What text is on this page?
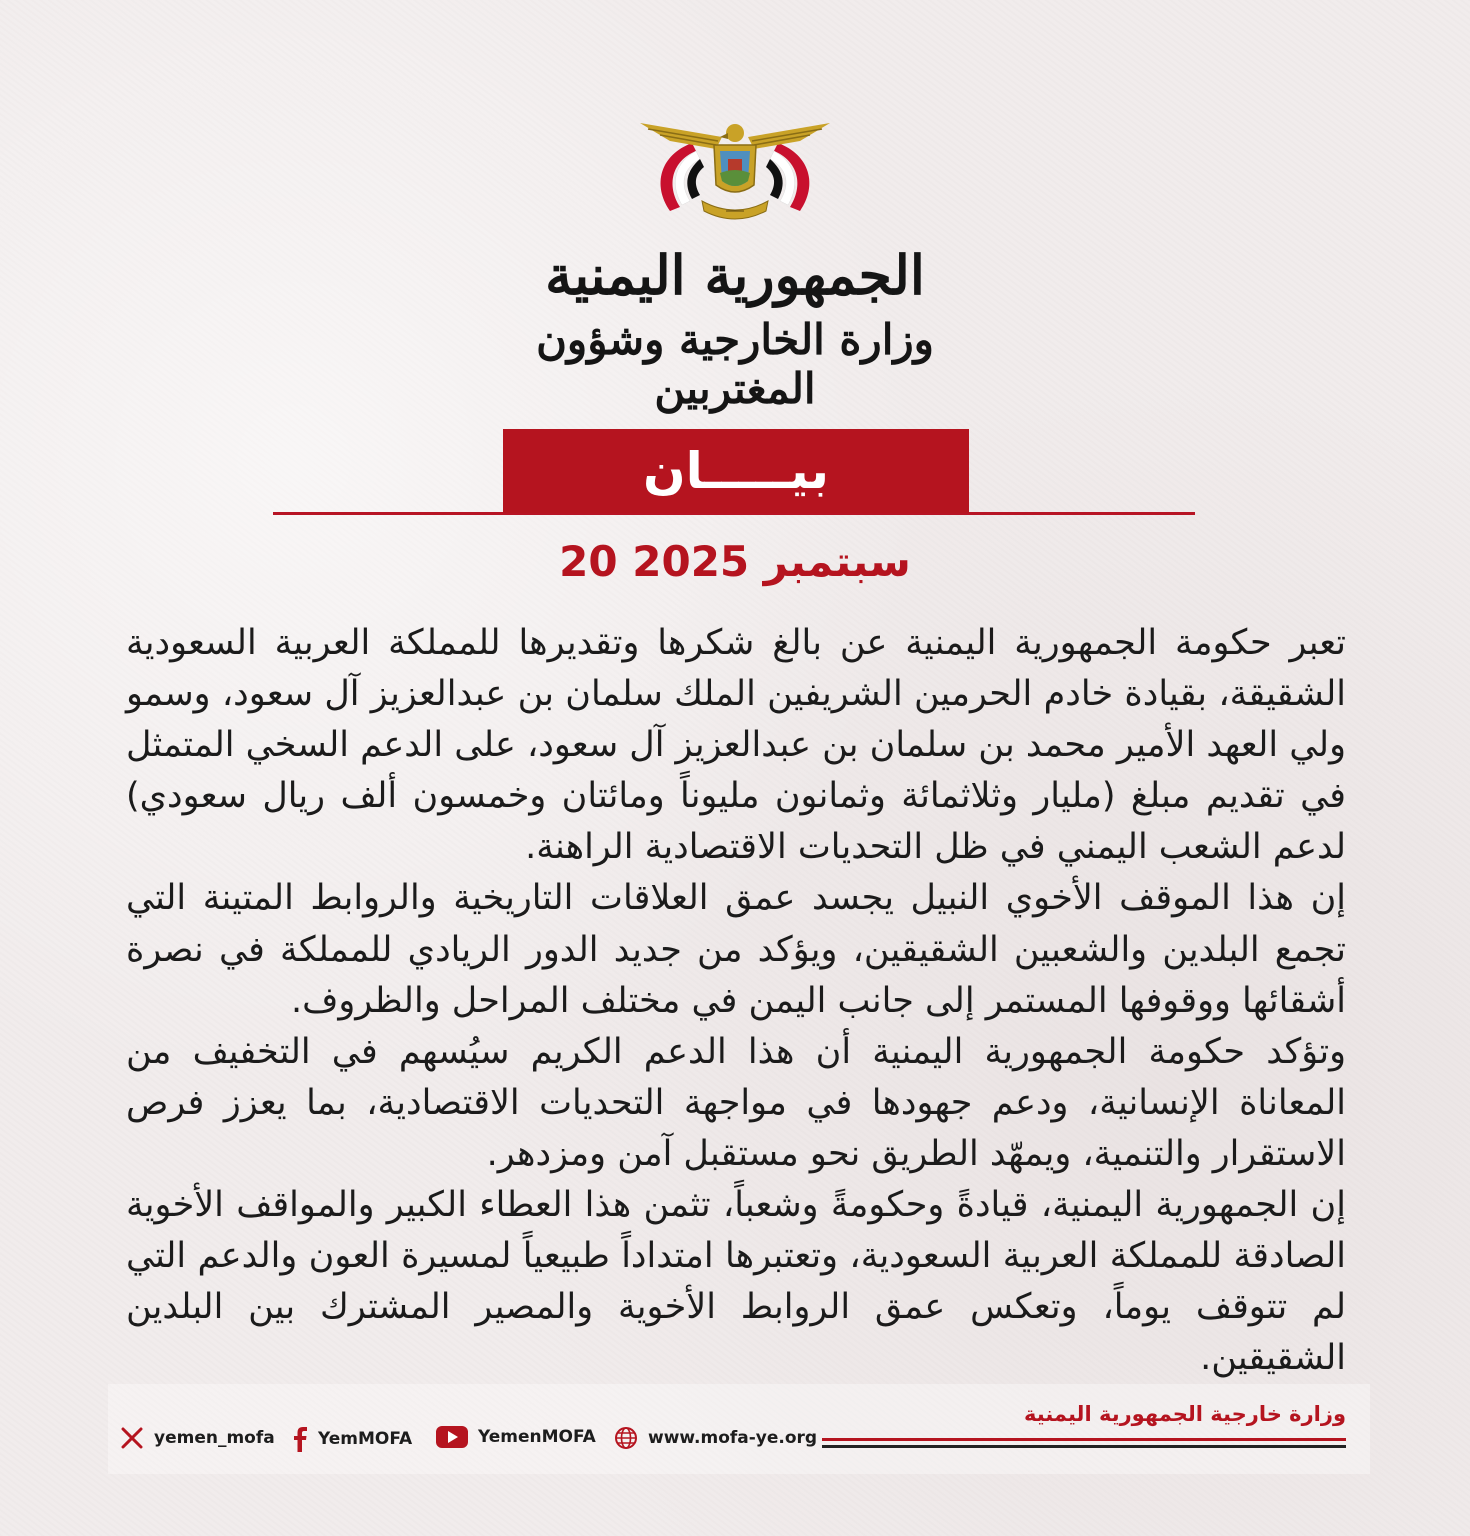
الجمهورية اليمنية
وزارة الخارجية وشؤون المغتربين
بيـــــان
20 سبتمبر 2025

تعبر حكومة الجمهورية اليمنية عن بالغ شكرها وتقديرها للمملكة العربية السعودية الشقيقة، بقيادة خادم الحرمين الشريفين الملك سلمان بن عبدالعزيز آل سعود، وسمو ولي العهد الأمير محمد بن سلمان بن عبدالعزيز آل سعود، على الدعم السخي المتمثل في تقديم مبلغ (مليار وثلاثمائة وثمانون مليوناً ومائتان وخمسون ألف ريال سعودي) لدعم الشعب اليمني في ظل التحديات الاقتصادية الراهنة.

إن هذا الموقف الأخوي النبيل يجسد عمق العلاقات التاريخية والروابط المتينة التي تجمع البلدين والشعبين الشقيقين، ويؤكد من جديد الدور الريادي للمملكة في نصرة أشقائها ووقوفها المستمر إلى جانب اليمن في مختلف المراحل والظروف.

وتؤكد حكومة الجمهورية اليمنية أن هذا الدعم الكريم سيُسهم في التخفيف من المعاناة الإنسانية، ودعم جهودها في مواجهة التحديات الاقتصادية، بما يعزز فرص الاستقرار والتنمية، ويمهّد الطريق نحو مستقبل آمن ومزدهر.

إن الجمهورية اليمنية، قيادةً وحكومةً وشعباً، تثمن هذا العطاء الكبير والمواقف الأخوية الصادقة للمملكة العربية السعودية، وتعتبرها امتداداً طبيعياً لمسيرة العون والدعم التي لم تتوقف يوماً، وتعكس عمق الروابط الأخوية والمصير المشترك بين البلدين الشقيقين.

وزارة خارجية الجمهورية اليمنية
yemen_mofa	YemMOFA	YemenMOFA	www.mofa-ye.org
